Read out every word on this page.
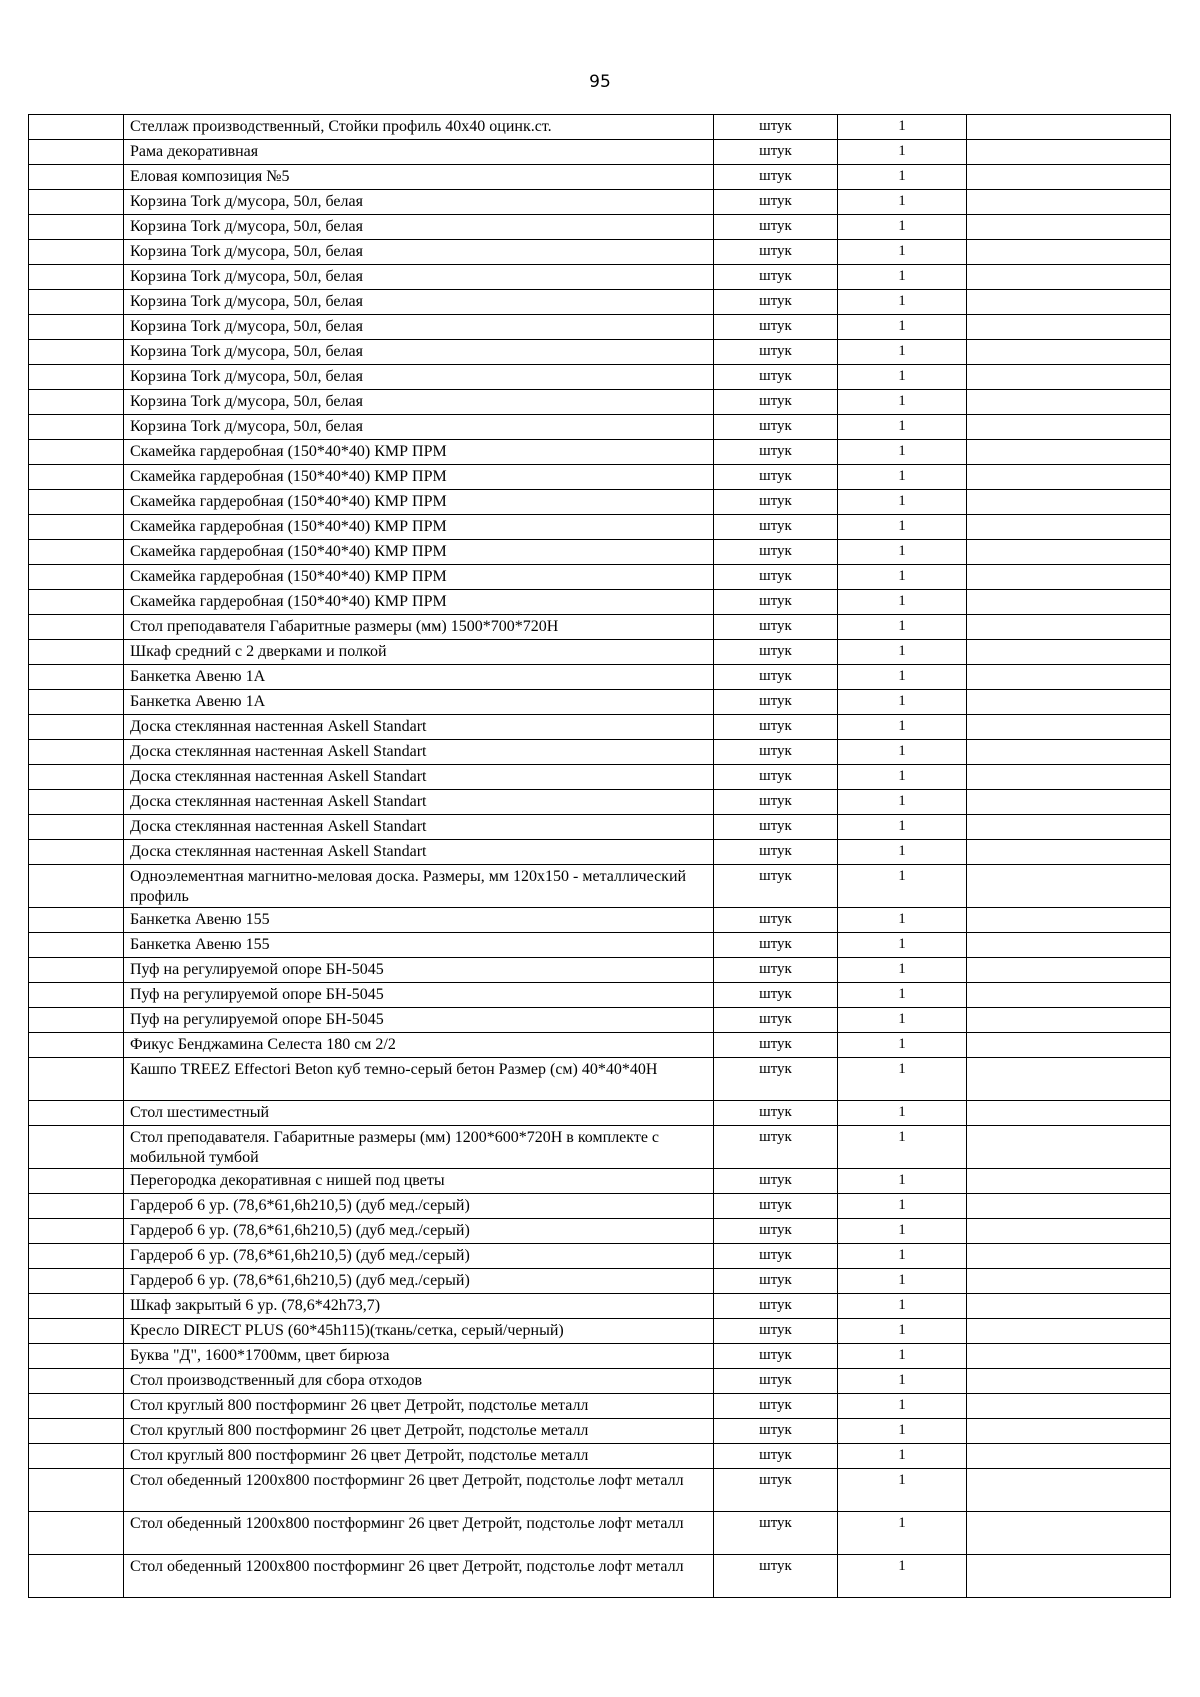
95
	Стеллаж производственный, Стойки профиль 40х40 оцинк.ст.	штук	1	
	Рама декоративная	штук	1	
	Еловая композиция №5	штук	1	
	Корзина Tork д/мусора, 50л, белая	штук	1	
	Корзина Tork д/мусора, 50л, белая	штук	1	
	Корзина Tork д/мусора, 50л, белая	штук	1	
	Корзина Tork д/мусора, 50л, белая	штук	1	
	Корзина Tork д/мусора, 50л, белая	штук	1	
	Корзина Tork д/мусора, 50л, белая	штук	1	
	Корзина Tork д/мусора, 50л, белая	штук	1	
	Корзина Tork д/мусора, 50л, белая	штук	1	
	Корзина Tork д/мусора, 50л, белая	штук	1	
	Корзина Tork д/мусора, 50л, белая	штук	1	
	Скамейка гардеробная (150*40*40) КМР ПРМ	штук	1	
	Скамейка гардеробная (150*40*40) КМР ПРМ	штук	1	
	Скамейка гардеробная (150*40*40) КМР ПРМ	штук	1	
	Скамейка гардеробная (150*40*40) КМР ПРМ	штук	1	
	Скамейка гардеробная (150*40*40) КМР ПРМ	штук	1	
	Скамейка гардеробная (150*40*40) КМР ПРМ	штук	1	
	Скамейка гардеробная (150*40*40) КМР ПРМ	штук	1	
	Стол преподавателя Габаритные размеры (мм) 1500*700*720Н	штук	1	
	Шкаф средний с 2 дверками и полкой	штук	1	
	Банкетка Авеню 1А	штук	1	
	Банкетка Авеню 1А	штук	1	
	Доска стеклянная настенная Askell Standart	штук	1	
	Доска стеклянная настенная Askell Standart	штук	1	
	Доска стеклянная настенная Askell Standart	штук	1	
	Доска стеклянная настенная Askell Standart	штук	1	
	Доска стеклянная настенная Askell Standart	штук	1	
	Доска стеклянная настенная Askell Standart	штук	1	
	Одноэлементная магнитно-меловая доска. Размеры, мм 120х150 - металлический профиль	штук	1	
	Банкетка Авеню 155	штук	1	
	Банкетка Авеню 155	штук	1	
	Пуф на регулируемой опоре БН-5045	штук	1	
	Пуф на регулируемой опоре БН-5045	штук	1	
	Пуф на регулируемой опоре БН-5045	штук	1	
	Фикус Бенджамина Селеста 180 см 2/2	штук	1	
	Кашпо TREEZ Effectori Beton куб темно-серый бетон Размер (см) 40*40*40Н	штук	1	
	Стол шестиместный	штук	1	
	Стол преподавателя. Габаритные размеры (мм) 1200*600*720Н в комплекте с мобильной тумбой	штук	1	
	Перегородка декоративная с нишей под цветы	штук	1	
	Гардероб 6 ур. (78,6*61,6h210,5) (дуб мед./серый)	штук	1	
	Гардероб 6 ур. (78,6*61,6h210,5) (дуб мед./серый)	штук	1	
	Гардероб 6 ур. (78,6*61,6h210,5) (дуб мед./серый)	штук	1	
	Гардероб 6 ур. (78,6*61,6h210,5) (дуб мед./серый)	штук	1	
	Шкаф закрытый 6 ур. (78,6*42h73,7)	штук	1	
	Кресло DIRECT PLUS (60*45h115)(ткань/сетка, серый/черный)	штук	1	
	Буква "Д", 1600*1700мм, цвет бирюза	штук	1	
	Стол производственный для сбора отходов	штук	1	
	Стол круглый 800 постформинг 26 цвет Детройт, подстолье металл	штук	1	
	Стол круглый 800 постформинг 26 цвет Детройт, подстолье металл	штук	1	
	Стол круглый 800 постформинг 26 цвет Детройт, подстолье металл	штук	1	
	Стол обеденный 1200х800 постформинг 26 цвет Детройт, подстолье лофт металл	штук	1	
	Стол обеденный 1200х800 постформинг 26 цвет Детройт, подстолье лофт металл	штук	1	
	Стол обеденный 1200х800 постформинг 26 цвет Детройт, подстолье лофт металл	штук	1	
